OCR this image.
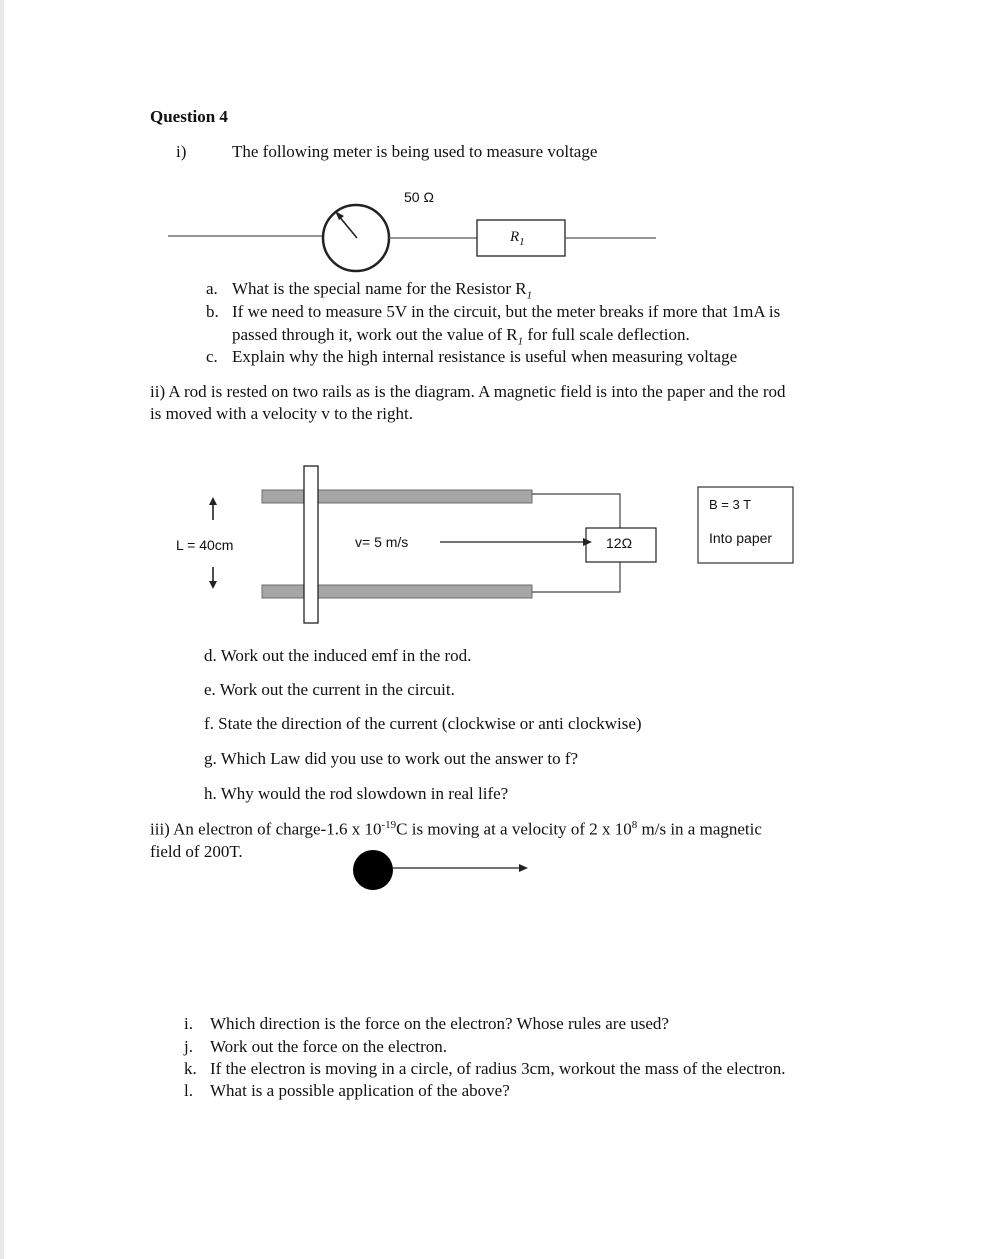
Question 4
i)	The following meter is being used to measure voltage
50 Ω
$R_1$
a. What is the special name for the Resistor $R_1$
b. If we need to measure 5V in the circuit, but the meter breaks if more that 1mA is
passed through it, work out the value of $R_1$ for full scale deflection.
c. Explain why the high internal resistance is useful when measuring voltage
ii) A rod is rested on two rails as is the diagram. A magnetic field is into the paper and the rod
is moved with a velocity v to the right.
L = 40cm	v= 5 m/s	12Ω
B = 3 T
Into paper
d. Work out the induced emf in the rod.
e. Work out the current in the circuit.
f. State the direction of the current (clockwise or anti clockwise)
g. Which Law did you use to work out the answer to f?
h. Why would the rod slowdown in real life?
iii) An electron of charge-1.6 x $10^{-19}C$ is moving at a velocity of 2 x $10^8$ m/s in a magnetic
field of 200T.
i. Which direction is the force on the electron? Whose rules are used?
j. Work out the force on the electron.
k. If the electron is moving in a circle, of radius 3cm, workout the mass of the electron.
l. What is a possible application of the above?
